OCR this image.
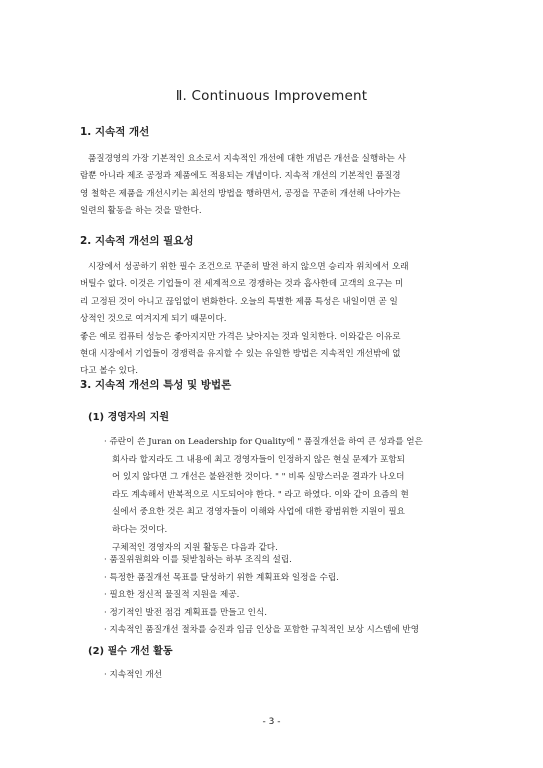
Ⅱ. Continuous Improvement
1. 지속적 개선
품질경영의 가장 기본적인 요소로서 지속적인 개선에 대한 개념은 개선을 실행하는 사
람뿐 아니라 제조 공정과 제품에도 적용되는 개념이다. 지속적 개선의 기본적인 품질경
영 철학은 제품을 개선시키는 최선의 방법을 행하면서, 공정을 꾸준히 개선해 나아가는
일련의 활동을 하는 것을 말한다.
2. 지속적 개선의 필요성
시장에서 성공하기 위한 필수 조건으로 꾸준히 발전 하지 않으면 승리자 위치에서 오래
버틸수 없다. 이것은 기업들이 전 세계적으로 경쟁하는 것과 흡사한데 고객의 요구는 미
리 고정된 것이 아니고 끊임없이 변화한다. 오늘의 특별한 제품 특성은 내일이면 곧 일
상적인 것으로 여겨지게 되기 때문이다.
좋은 예로 컴퓨터 성능은 좋아지지만 가격은 낮아지는 것과 일치한다. 이와같은 이유로
현대 시장에서 기업들이 경쟁력을 유지할 수 있는 유일한 방법은 지속적인 개선밖에 없
다고 볼수 있다.
3. 지속적 개선의 특성 및 방법론
(1) 경영자의 지원
· 쥬란이 쓴 Juran on Leadership for Quality에 " 품질개선을 하여 큰 성과를 얻은
회사라 할지라도 그 내용에 최고 경영자들이 인정하지 않은 현실 문제가 포함되
어 있지 않다면 그 개선은 불완전한 것이다. " " 비록 실망스러운 결과가 나오더
라도 계속해서 반복적으로 시도되어야 한다. " 라고 하였다. 이와 같이 요즘의 현
실에서 중요한 것은 최고 경영자들이 이해와 사업에 대한 광범위한 지원이 필요
하다는 것이다.
구체적인 경영자의 지원 활동은 다음과 같다.
· 품질위원회와 이를 뒷받침하는 하부 조직의 설립.
· 특정한 품질개선 목표를 달성하기 위한 계획표와 일정을 수립.
· 필요한 정신적 물질적 지원을 제공.
· 정기적인 발전 점검 계획표를 만들고 인식.
· 지속적인 품질개선 절차를 승진과 임금 인상을 포함한 규칙적인 보상 시스템에 반영
(2) 필수 개선 활동
· 지속적인 개선
- 3 -
